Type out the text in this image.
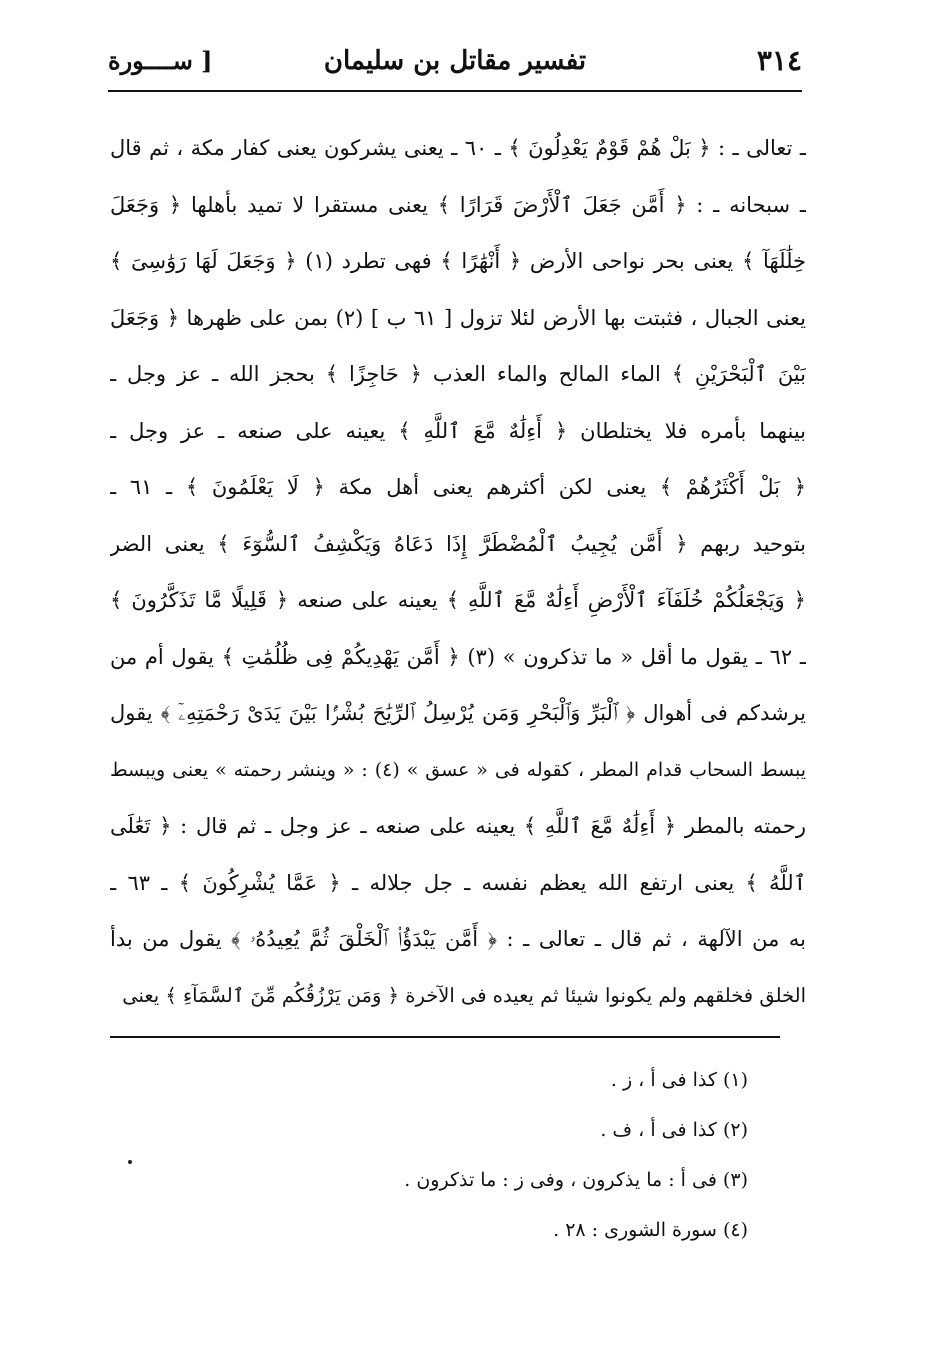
٣١٤
تفسير مقاتل بن سليمان
[ ســــورة
ـ تعالى ـ : ﴿ بَلْ هُمْ قَوْمٌ يَعْدِلُونَ ﴾ ـ ٦٠ ـ يعنى يشركون يعنى كفار مكة ، ثم قال
ـ سبحانه ـ : ﴿ أَمَّن جَعَلَ ٱلْأَرْضَ قَرَارًا ﴾ يعنى مستقرا لا تميد بأهلها ﴿ وَجَعَلَ
خِلَٰلَهَآ ﴾ يعنى بحر نواحى الأرض ﴿ أَنْهَٰرًا ﴾ فهى تطرد (١) ﴿ وَجَعَلَ لَهَا رَوَٰسِىَ ﴾
يعنى الجبال ، فثبتت بها الأرض لئلا تزول [ ٦١ ب ] (٢) بمن على ظهرها ﴿ وَجَعَلَ
بَيْنَ ٱلْبَحْرَيْنِ ﴾ الماء المالح والماء العذب ﴿ حَاجِزًا ﴾ بحجز الله ـ عز وجل ـ
بينهما بأمره فلا يختلطان ﴿ أَءِلَٰهٌ مَّعَ ٱللَّهِ ﴾ يعينه على صنعه ـ عز وجل ـ
﴿ بَلْ أَكْثَرُهُمْ ﴾ يعنى لكن أكثرهم يعنى أهل مكة ﴿ لَا يَعْلَمُونَ ﴾ ـ ٦١ ـ
بتوحيد ربهم ﴿ أَمَّن يُجِيبُ ٱلْمُضْطَرَّ إِذَا دَعَاهُ وَيَكْشِفُ ٱلسُّوٓءَ ﴾ يعنى الضر
﴿ وَيَجْعَلُكُمْ خُلَفَآءَ ٱلْأَرْضِ أَءِلَٰهٌ مَّعَ ٱللَّهِ ﴾ يعينه على صنعه ﴿ قَلِيلًا مَّا تَذَكَّرُونَ ﴾
ـ ٦٢ ـ يقول ما أقل « ما تذكرون » (٣) ﴿ أَمَّن يَهْدِيكُمْ فِى ظُلُمَٰتِ ﴾ يقول أم من
يرشدكم فى أهوال ﴿ ٱلْبَرِّ وَٱلْبَحْرِ وَمَن يُرْسِلُ ٱلرِّيَٰحَ بُشْرًۢا بَيْنَ يَدَىْ رَحْمَتِهِۦٓ ﴾ يقول
يبسط السحاب قدام المطر ، كقوله فى « عسق » (٤) : « وينشر رحمته » يعنى ويبسط
رحمته بالمطر ﴿ أَءِلَٰهٌ مَّعَ ٱللَّهِ ﴾ يعينه على صنعه ـ عز وجل ـ ثم قال : ﴿ تَعَٰلَى
ٱللَّهُ ﴾ يعنى ارتفع الله يعظم نفسه ـ جل جلاله ـ ﴿ عَمَّا يُشْرِكُونَ ﴾ ـ ٦٣ ـ
به من الآلهة ، ثم قال ـ تعالى ـ : ﴿ أَمَّن يَبْدَؤُا۟ ٱلْخَلْقَ ثُمَّ يُعِيدُهُۥ ﴾ يقول من بدأ
الخلق فخلقهم ولم يكونوا شيئا ثم يعيده فى الآخرة ﴿ وَمَن يَرْزُقُكُم مِّنَ ٱلسَّمَآءِ ﴾ يعنى
(١) كذا فى أ ، ز .
(٢) كذا فى أ ، ف .
(٣) فى أ : ما يذكرون ، وفى ز : ما تذكرون .
(٤) سورة الشورى : ٢٨ .
